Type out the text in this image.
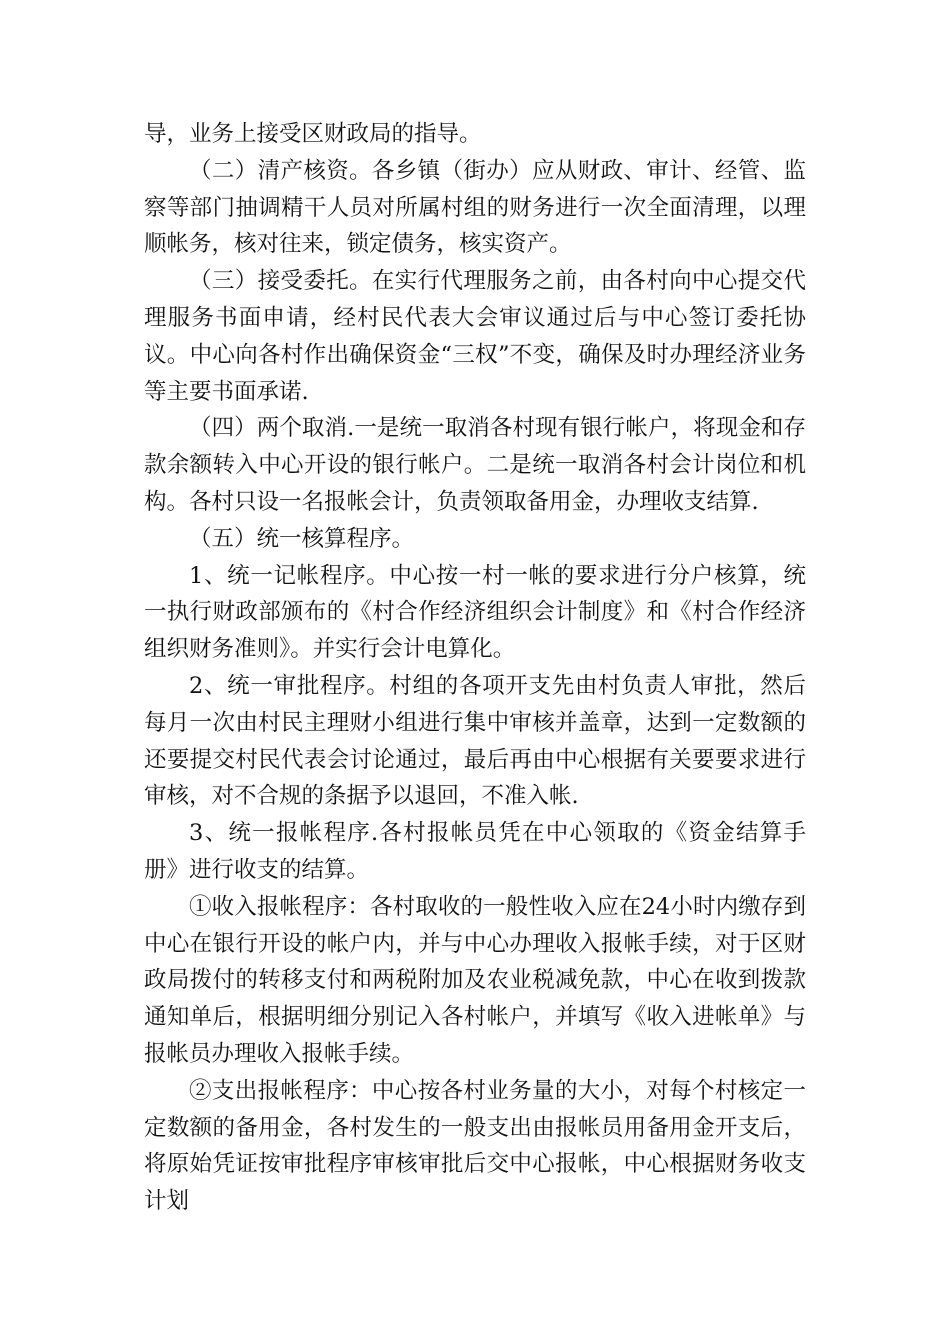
导，业务上接受区财政局的指导。

（二）清产核资。各乡镇（街办）应从财政、审计、经管、监察等部门抽调精干人员对所属村组的财务进行一次全面清理，以理顺帐务，核对往来，锁定债务，核实资产。

（三）接受委托。在实行代理服务之前，由各村向中心提交代理服务书面申请，经村民代表大会审议通过后与中心签订委托协议。中心向各村作出确保资金“三权”不变，确保及时办理经济业务等主要书面承诺.

（四）两个取消.一是统一取消各村现有银行帐户，将现金和存款余额转入中心开设的银行帐户。二是统一取消各村会计岗位和机构。各村只设一名报帐会计，负责领取备用金，办理收支结算.

（五）统一核算程序。

1、统一记帐程序。中心按一村一帐的要求进行分户核算，统一执行财政部颁布的《村合作经济组织会计制度》和《村合作经济组织财务准则》。并实行会计电算化。

2、统一审批程序。村组的各项开支先由村负责人审批，然后每月一次由村民主理财小组进行集中审核并盖章，达到一定数额的还要提交村民代表会讨论通过，最后再由中心根据有关要要求进行审核，对不合规的条据予以退回，不准入帐.

3、统一报帐程序.各村报帐员凭在中心领取的《资金结算手册》进行收支的结算。

①收入报帐程序：各村取收的一般性收入应在24小时内缴存到中心在银行开设的帐户内，并与中心办理收入报帐手续，对于区财政局拨付的转移支付和两税附加及农业税减免款，中心在收到拨款通知单后，根据明细分别记入各村帐户，并填写《收入进帐单》与报帐员办理收入报帐手续。

②支出报帐程序：中心按各村业务量的大小，对每个村核定一定数额的备用金，各村发生的一般支出由报帐员用备用金开支后，将原始凭证按审批程序审核审批后交中心报帐，中心根据财务收支计划
